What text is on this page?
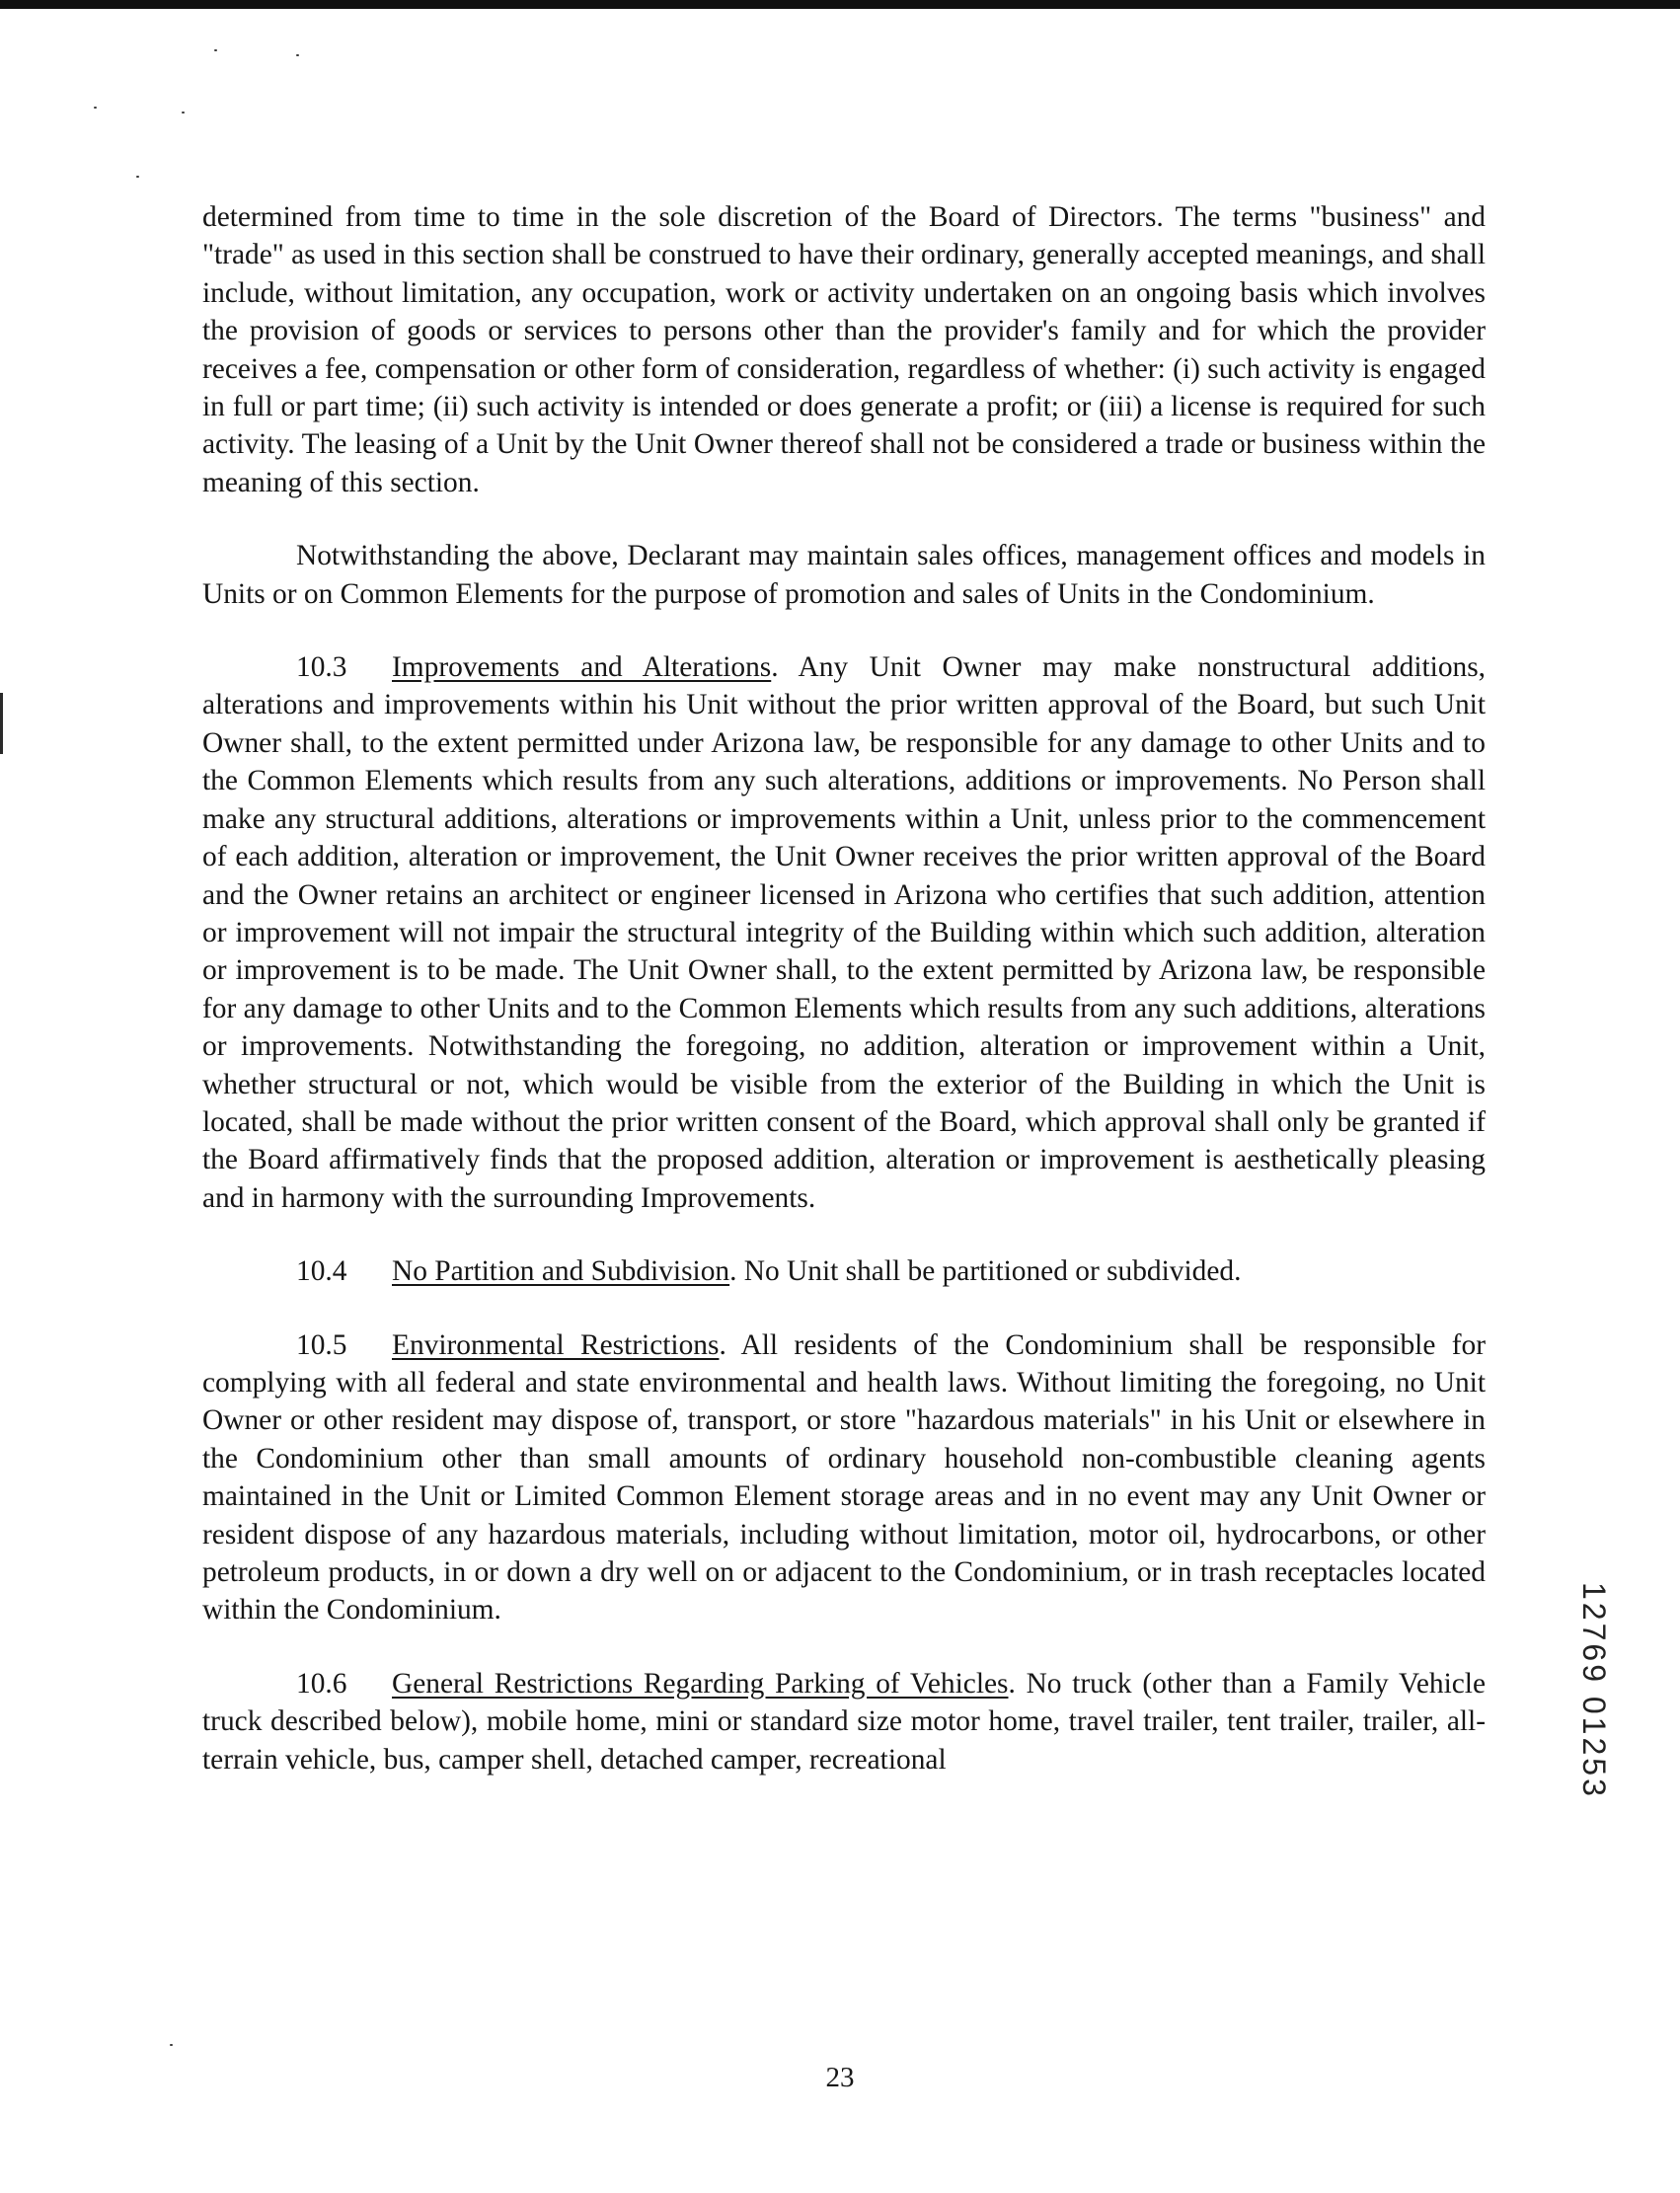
determined from time to time in the sole discretion of the Board of Directors. The terms "business" and "trade" as used in this section shall be construed to have their ordinary, generally accepted meanings, and shall include, without limitation, any occupation, work or activity undertaken on an ongoing basis which involves the provision of goods or services to persons other than the provider's family and for which the provider receives a fee, compensation or other form of consideration, regardless of whether: (i) such activity is engaged in full or part time; (ii) such activity is intended or does generate a profit; or (iii) a license is required for such activity. The leasing of a Unit by the Unit Owner thereof shall not be considered a trade or business within the meaning of this section.

Notwithstanding the above, Declarant may maintain sales offices, management offices and models in Units or on Common Elements for the purpose of promotion and sales of Units in the Condominium.

10.3 Improvements and Alterations. Any Unit Owner may make nonstructural additions, alterations and improvements within his Unit without the prior written approval of the Board, but such Unit Owner shall, to the extent permitted under Arizona law, be responsible for any damage to other Units and to the Common Elements which results from any such alterations, additions or improvements. No Person shall make any structural additions, alterations or improvements within a Unit, unless prior to the commencement of each addition, alteration or improvement, the Unit Owner receives the prior written approval of the Board and the Owner retains an architect or engineer licensed in Arizona who certifies that such addition, attention or improvement will not impair the structural integrity of the Building within which such addition, alteration or improvement is to be made. The Unit Owner shall, to the extent permitted by Arizona law, be responsible for any damage to other Units and to the Common Elements which results from any such additions, alterations or improvements. Notwithstanding the foregoing, no addition, alteration or improvement within a Unit, whether structural or not, which would be visible from the exterior of the Building in which the Unit is located, shall be made without the prior written consent of the Board, which approval shall only be granted if the Board affirmatively finds that the proposed addition, alteration or improvement is aesthetically pleasing and in harmony with the surrounding Improvements.

10.4 No Partition and Subdivision. No Unit shall be partitioned or subdivided.

10.5 Environmental Restrictions. All residents of the Condominium shall be responsible for complying with all federal and state environmental and health laws. Without limiting the foregoing, no Unit Owner or other resident may dispose of, transport, or store "hazardous materials" in his Unit or elsewhere in the Condominium other than small amounts of ordinary household non-combustible cleaning agents maintained in the Unit or Limited Common Element storage areas and in no event may any Unit Owner or resident dispose of any hazardous materials, including without limitation, motor oil, hydrocarbons, or other petroleum products, in or down a dry well on or adjacent to the Condominium, or in trash receptacles located within the Condominium.

10.6 General Restrictions Regarding Parking of Vehicles. No truck (other than a Family Vehicle truck described below), mobile home, mini or standard size motor home, travel trailer, tent trailer, trailer, all-terrain vehicle, bus, camper shell, detached camper, recreational	12769 01253
23
